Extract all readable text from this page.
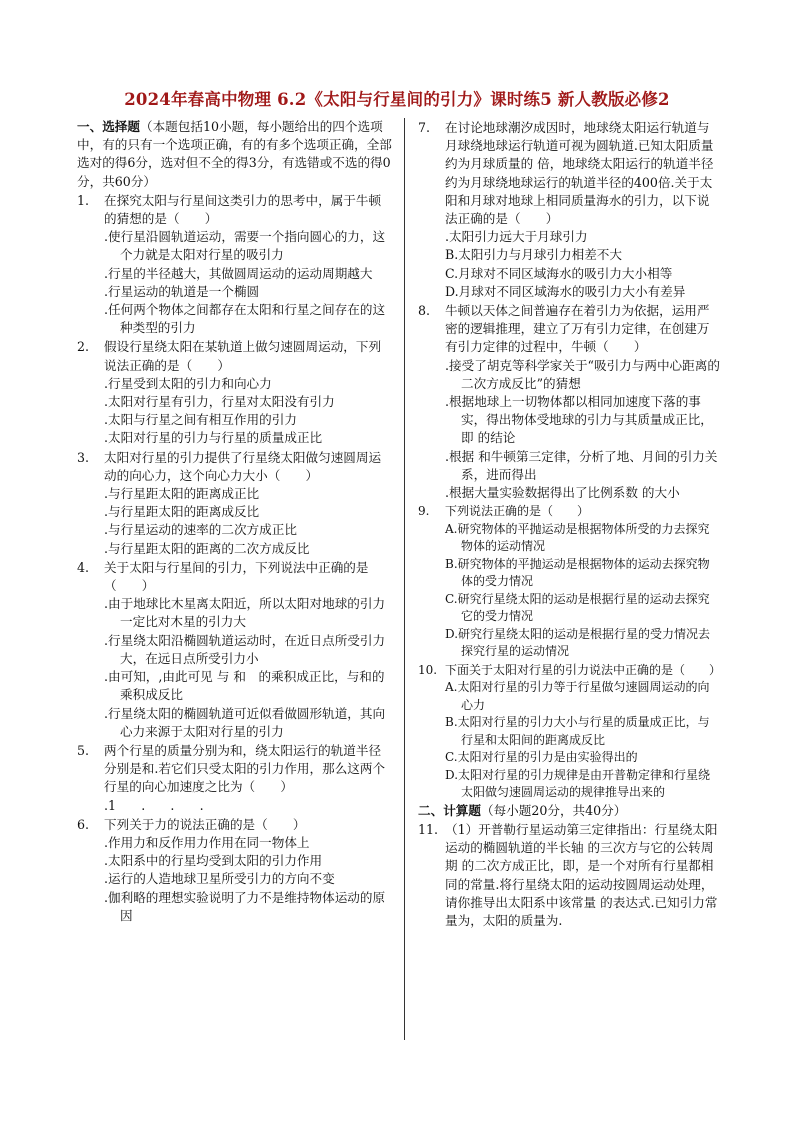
2024年春高中物理 6.2《太阳与行星间的引力》课时练5 新人教版必修2
一、选择题（本题包括10小题，每小题给出的四个选项中，有的只有一个选项正确，有的有多个选项正确，全部选对的得6分，选对但不全的得3分，有选错或不选的得0分，共60分）
1. 在探究太阳与行星间这类引力的思考中，属于牛顿的猜想的是（　　）
.使行星沿圆轨道运动，需要一个指向圆心的力，这个力就是太阳对行星的吸引力
.行星的半径越大，其做圆周运动的运动周期越大
.行星运动的轨道是一个椭圆
.任何两个物体之间都存在太阳和行星之间存在的这种类型的引力
2. 假设行星绕太阳在某轨道上做匀速圆周运动，下列说法正确的是（　　）
.行星受到太阳的引力和向心力
.太阳对行星有引力，行星对太阳没有引力
.太阳与行星之间有相互作用的引力
.太阳对行星的引力与行星的质量成正比
3. 太阳对行星的引力提供了行星绕太阳做匀速圆周运动的向心力，这个向心力大小（　　）
.与行星距太阳的距离成正比
.与行星距太阳的距离成反比
.与行星运动的速率的二次方成正比
.与行星距太阳的距离的二次方成反比
4. 关于太阳与行星间的引力，下列说法中正确的是（　　）
.由于地球比木星离太阳近，所以太阳对地球的引力一定比对木星的引力大
.行星绕太阳沿椭圆轨道运动时，在近日点所受引力大，在远日点所受引力小
.由可知，,由此可见 与 和　的乘积成正比，与和的乘积成反比
.行星绕太阳的椭圆轨道可近似看做圆形轨道，其向心力来源于太阳对行星的引力
5. 两个行星的质量分别为和，绕太阳运行的轨道半径分别是和.若它们只受太阳的引力作用，那么这两个行星的向心加速度之比为（　　）
.1　　.　　.　　.
6. 下列关于力的说法正确的是（　　）
.作用力和反作用力作用在同一物体上
.太阳系中的行星均受到太阳的引力作用
.运行的人造地球卫星所受引力的方向不变
.伽利略的理想实验说明了力不是维持物体运动的原因
7. 在讨论地球潮汐成因时，地球绕太阳运行轨道与月球绕地球运行轨道可视为圆轨道.已知太阳质量约为月球质量的 倍，地球绕太阳运行的轨道半径约为月球绕地球运行的轨道半径的400倍.关于太阳和月球对地球上相同质量海水的引力，以下说法正确的是（　　）
.太阳引力远大于月球引力
B.太阳引力与月球引力相差不大
C.月球对不同区域海水的吸引力大小相等
D.月球对不同区域海水的吸引力大小有差异
8. 牛顿以天体之间普遍存在着引力为依据，运用严密的逻辑推理，建立了万有引力定律，在创建万有引力定律的过程中，牛顿（　　）
.接受了胡克等科学家关于“吸引力与两中心距离的二次方成反比”的猜想
.根据地球上一切物体都以相同加速度下落的事实，得出物体受地球的引力与其质量成正比，即 的结论
.根据 和牛顿第三定律，分析了地、月间的引力关系，进而得出
.根据大量实验数据得出了比例系数 的大小
9. 下列说法正确的是（　　）
A.研究物体的平抛运动是根据物体所受的力去探究物体的运动情况
B.研究物体的平抛运动是根据物体的运动去探究物体的受力情况
C.研究行星绕太阳的运动是根据行星的运动去探究它的受力情况
D.研究行星绕太阳的运动是根据行星的受力情况去探究行星的运动情况
10. 下面关于太阳对行星的引力说法中正确的是（　　）
A.太阳对行星的引力等于行星做匀速圆周运动的向心力
B.太阳对行星的引力大小与行星的质量成正比，与行星和太阳间的距离成反比
C.太阳对行星的引力是由实验得出的
D.太阳对行星的引力规律是由开普勒定律和行星绕太阳做匀速圆周运动的规律推导出来的
二、计算题（每小题20分，共40分）
11. （1）开普勒行星运动第三定律指出：行星绕太阳运动的椭圆轨道的半长轴 的三次方与它的公转周期 的二次方成正比，即，是一个对所有行星都相同的常量.将行星绕太阳的运动按圆周运动处理，请你推导出太阳系中该常量 的表达式.已知引力常量为，太阳的质量为.
